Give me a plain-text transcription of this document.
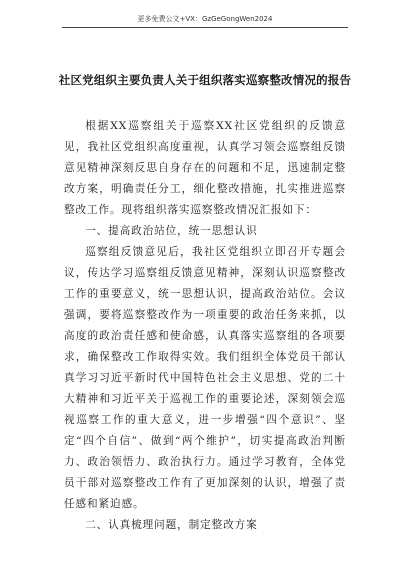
更多免费公文+VX：GzGeGongWen2024
社区党组织主要负责人关于组织落实巡察整改情况的报告

根据XX巡察组关于巡察XX社区党组织的反馈意见，我社区党组织高度重视，认真学习领会巡察组反馈意见精神深刻反思自身存在的问题和不足，迅速制定整改方案，明确责任分工，细化整改措施，扎实推进巡察整改工作。现将组织落实巡察整改情况汇报如下：

一、提高政治站位，统一思想认识

巡察组反馈意见后，我社区党组织立即召开专题会议，传达学习巡察组反馈意见精神，深刻认识巡察整改工作的重要意义，统一思想认识，提高政治站位。会议强调，要将巡察整改作为一项重要的政治任务来抓，以高度的政治责任感和使命感，认真落实巡察组的各项要求，确保整改工作取得实效。我们组织全体党员干部认真学习习近平新时代中国特色社会主义思想、党的二十大精神和习近平关于巡视工作的重要论述，深刻领会巡视巡察工作的重大意义，进一步增强“四个意识”、坚定“四个自信”、做到“两个维护”，切实提高政治判断力、政治领悟力、政治执行力。通过学习教育，全体党员干部对巡察整改工作有了更加深刻的认识，增强了责任感和紧迫感。

二、认真梳理问题，制定整改方案
